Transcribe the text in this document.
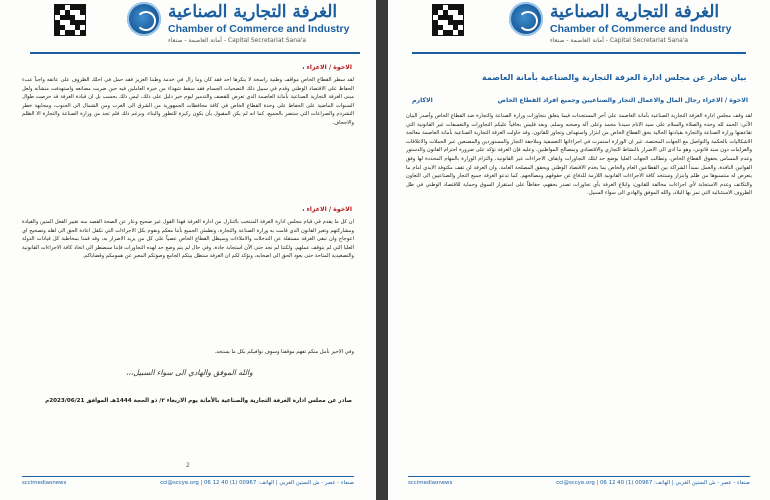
الغرفة التجارية الصناعية
Chamber of Commerce and Industry
أمانة العاصمة - صنعاء - Capital Secretariat Sana'a
الاخوة / الاعزاء ،

لقد سطر القطاع الخاص مواقف وطنية راسخة لا ينكرها احد فقد كان وما زال في خدمة وطننا العزيز فقد حمل في احلك الظروف على عاتقه واجباً عبء الحفاظ على الاقتصاد الوطني وقدم في سبيل ذلك التضحيات الجسام فقد سقط شهداء من خيرة العاملين فيه حين ضربت مصانعه واستهدفت منشآته ولعل مبنى الغرفة التجارية الصناعية بأمانة العاصمة الذي تعرض للقصف والتدمير ليوم خير دليل على ذلك، ليس ذلك بحسب بل ان قيادة الغرفة قد حرصت طوال السنوات الماضية على الحفاظ على وحدة القطاع الخاص في كافة محافظات الجمهورية من الشرق الى الغرب ومن الشمال الى الجنوب، ومجابهة خطر التشرذم والصراعات التي ستضر بالجميع، كما انه لم يكن المقبول بأن يكون ركيزة للتطور والبناء، وبرغم ذلك فلم تجد من وزارة الصناعة والتجارة الا الظلم والاجحاف.

الاخوة / الاعزاء ،

ان كل ما يقدم في قيام مجلس ادارة الغرفة المنتخب بالتنازل من ادارة الغرفة فهذا القول غير صحيح وعار عن الصحة القصد منه تغيير الفعل المتين والقيادة ومشاركتهم وتغير القانون الذي قامت به وزارة الصناعة والتجارة، وتطمئن الجميع بأننا معكم ونقوم بكل الاجراءات التي تكفل اعادة الحق الى اهله وتصحيح اي اعوجاج وان تبقى الغرفة مستقلة عن التدخلات والاملاءات وسيظل القطاع الخاص عصياً على كل من يريد الاضرار به، وقد قمنا بمخاطبة كل قيادات الدولة العليا التي لم يتوقف عملهم، ولكننا لم نجد حتى الآن استجابة جادة، وفي حال لم يتم وضع حد لهذه التجاوزات فإننا سنضطر الى اتخاذ كافة الاجراءات القانونية والتصعيدية المتاحة حتى يعود الحق الى اصحابه، ونؤكد لكم ان الغرفة ستظل بيتكم الجامع وصوتكم المعبر عن همومكم وقضاياكم.

وفي الاخير نأمل منكم تفهم موقفنا وسوف نوافيكم بكل ما يستجد.

والله الموفق والهادي الى سواء السبيل،،،
صادر عن مجلس ادارة الغرفة التجارية والصناعية بالأمانة يوم الاربعاء ٣/ ذو الحجة 1444هـ الموافق 2023/06/21م
2
sccimediaonews	صنعاء - عصر - ش الستين الغربي | الهاتف: 00967 (1) 40 12 06 | cci@sccye.org
الغرفة التجارية الصناعية
Chamber of Commerce and Industry
أمانة العاصمة - صنعاء - Capital Secretariat Sana'a
بيان صادر عن مجلس ادارة الغرفة التجارية والصناعية بأمانة العاصمة
الاخوة / الاعزاء رجال المال والاعمال التجار والصناعيين وجميع افراد القطاع الخاص
الاكارم

لقد وقف مجلس ادارة الغرفة التجارية الصناعية بأمانة العاصمة على آخر المستجدات فيما يتعلق بتجاوزات وزارة الصناعة والتجارة ضد القطاع الخاص وأصدر البيان الآتي: الحمد لله وحده والصلاة والسلام على سيد الانام سيدنا محمد وعلى آله وصحبه وسلم. وبعد فليس بخافياً عليكم التجاوزات والتعسفات غير القانونية التي تقاعفتها وزارة الصناعة والتجارة بقيادتها الحالية بحق القطاع الخاص من ابتزاز واستهداف وتجاوز للقانون. وقد حاولت الغرفة التجارية الصناعية بأمانة العاصمة معالجة الاشكاليات بالحكمة والتواصل مع الجهات المختصة، غير ان الوزارة استمرت في اجراءاتها التعسفية وملاحقة التجار والمستوردين والمصنعين عبر الحملات والاغلاقات والغرامات دون سند قانوني، وهو ما ادى الى الاضرار بالنشاط التجاري والاقتصادي وبمصالح المواطنين. وعليه فإن الغرفة تؤكد على ضرورة احترام القانون والدستور وعدم المساس بحقوق القطاع الخاص، وتطالب الجهات العليا بوضع حد لتلك التجاوزات وايقاف الاجراءات غير القانونية، والتزام الوزارة بالمهام المحددة لها وفق القوانين النافذة، والعمل بمبدأ الشراكة بين القطاعين العام والخاص بما يخدم الاقتصاد الوطني ويحقق المصلحة العامة، وان الغرفة لن تقف مكتوفة الايدي امام ما يتعرض له منتسبوها من ظلم وابتزاز وستتخذ كافة الاجراءات القانونية اللازمة للدفاع عن حقوقهم ومصالحهم. كما تدعو الغرفة جميع التجار والصناعيين الى التعاون والتكاتف وعدم الاستجابة لأي اجراءات مخالفة للقانون، وابلاغ الغرفة بأي تجاوزات تصدر بحقهم، حفاظاً على استقرار السوق وحماية للاقتصاد الوطني في ظل الظروف الاستثنائية التي تمر بها البلاد، والله الموفق والهادي الى سواء السبيل.

sccimediaonews	صنعاء - عصر - ش الستين الغربي | الهاتف: 00967 (1) 40 12 06 | cci@sccye.org
